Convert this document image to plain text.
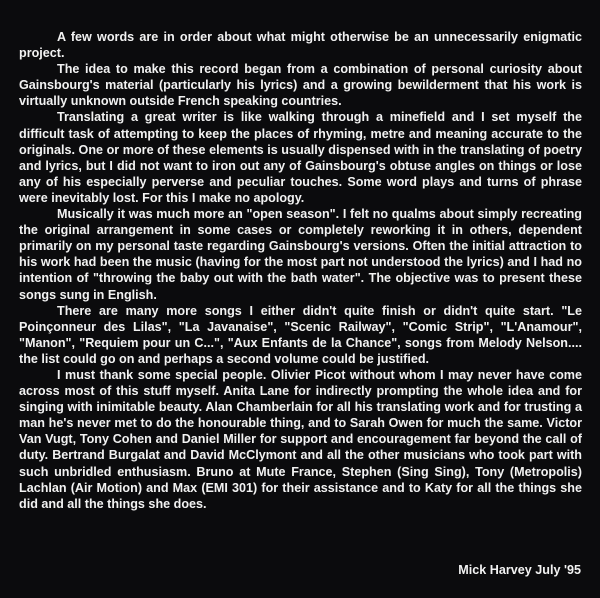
A few words are in order about what might otherwise be an unnecessarily enigmatic project.

The idea to make this record began from a combination of personal curiosity about Gainsbourg's material (particularly his lyrics) and a growing bewilderment that his work is virtually unknown outside French speaking countries.

Translating a great writer is like walking through a minefield and I set myself the difficult task of attempting to keep the places of rhyming, metre and meaning accurate to the originals. One or more of these elements is usually dispensed with in the translating of poetry and lyrics, but I did not want to iron out any of Gainsbourg's obtuse angles on things or lose any of his especially perverse and peculiar touches. Some word plays and turns of phrase were inevitably lost. For this I make no apology.

Musically it was much more an "open season". I felt no qualms about simply recreating the original arrangement in some cases or completely reworking it in others, dependent primarily on my personal taste regarding Gainsbourg's versions. Often the initial attraction to his work had been the music (having for the most part not understood the lyrics) and I had no intention of "throwing the baby out with the bath water". The objective was to present these songs sung in English.

There are many more songs I either didn't quite finish or didn't quite start. "Le Poinçonneur des Lilas", "La Javanaise", "Scenic Railway", "Comic Strip", "L'Anamour", "Manon", "Requiem pour un C...", "Aux Enfants de la Chance", songs from Melody Nelson.... the list could go on and perhaps a second volume could be justified.

I must thank some special people. Olivier Picot without whom I may never have come across most of this stuff myself. Anita Lane for indirectly prompting the whole idea and for singing with inimitable beauty. Alan Chamberlain for all his translating work and for trusting a man he's never met to do the honourable thing, and to Sarah Owen for much the same. Victor Van Vugt, Tony Cohen and Daniel Miller for support and encouragement far beyond the call of duty. Bertrand Burgalat and David McClymont and all the other musicians who took part with such unbridled enthusiasm. Bruno at Mute France, Stephen (Sing Sing), Tony (Metropolis) Lachlan (Air Motion) and Max (EMI 301) for their assistance and to Katy for all the things she did and all the things she does.

Mick Harvey July '95
